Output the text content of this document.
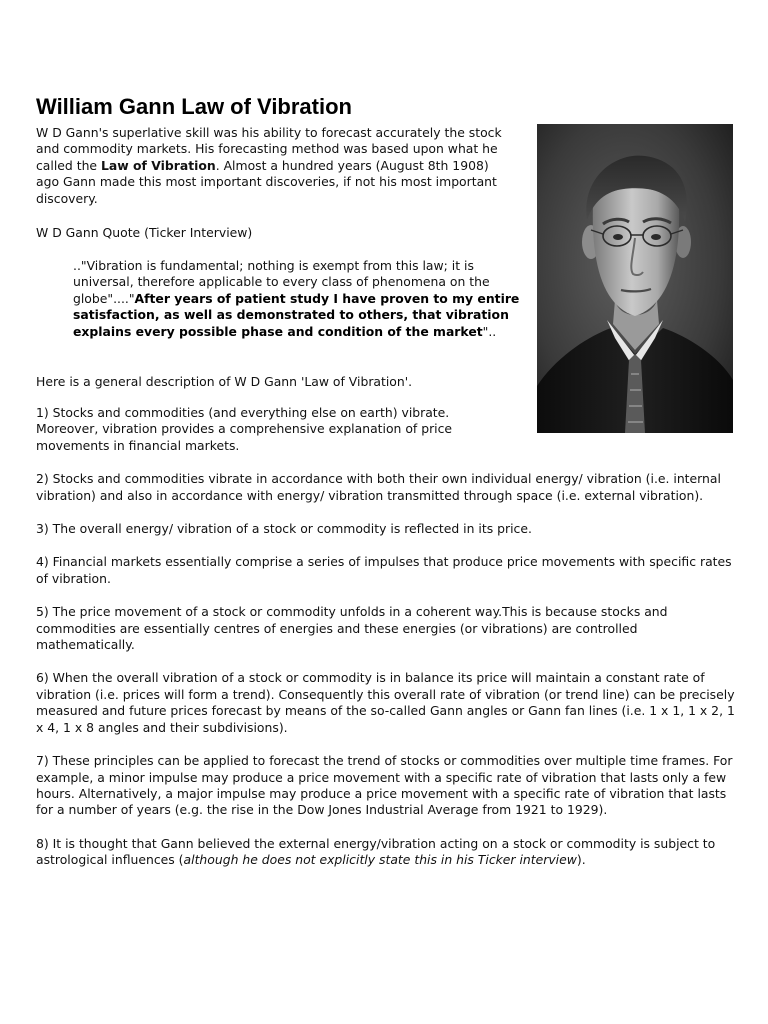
William Gann Law of Vibration

W D Gann's superlative skill was his ability to forecast accurately the stock and commodity markets. His forecasting method was based upon what he called the Law of Vibration. Almost a hundred years (August 8th 1908) ago Gann made this most important discoveries, if not his most important discovery.

W D Gann Quote (Ticker Interview)

.."Vibration is fundamental; nothing is exempt from this law; it is universal, therefore applicable to every class of phenomena on the globe"...."After years of patient study I have proven to my entire satisfaction, as well as demonstrated to others, that vibration explains every possible phase and condition of the market"..

Here is a general description of W D Gann 'Law of Vibration'.

1) Stocks and commodities (and everything else on earth) vibrate. Moreover, vibration provides a comprehensive explanation of price movements in financial markets.
2) Stocks and commodities vibrate in accordance with both their own individual energy/ vibration (i.e. internal vibration) and also in accordance with energy/ vibration transmitted through space (i.e. external vibration).
3) The overall energy/ vibration of a stock or commodity is reflected in its price.
4) Financial markets essentially comprise a series of impulses that produce price movements with specific rates of vibration.
5) The price movement of a stock or commodity unfolds in a coherent way.This is because stocks and commodities are essentially centres of energies and these energies (or vibrations) are controlled mathematically.
6) When the overall vibration of a stock or commodity is in balance its price will maintain a constant rate of vibration (i.e. prices will form a trend). Consequently this overall rate of vibration (or trend line) can be precisely measured and future prices forecast by means of the so-called Gann angles or Gann fan lines (i.e. 1 x 1, 1 x 2, 1 x 4, 1 x 8 angles and their subdivisions).
7) These principles can be applied to forecast the trend of stocks or commodities over multiple time frames. For example, a minor impulse may produce a price movement with a specific rate of vibration that lasts only a few hours. Alternatively, a major impulse may produce a price movement with a specific rate of vibration that lasts for a number of years (e.g. the rise in the Dow Jones Industrial Average from 1921 to 1929).
8) It is thought that Gann believed the external energy/vibration acting on a stock or commodity is subject to astrological influences (although he does not explicitly state this in his Ticker interview).
